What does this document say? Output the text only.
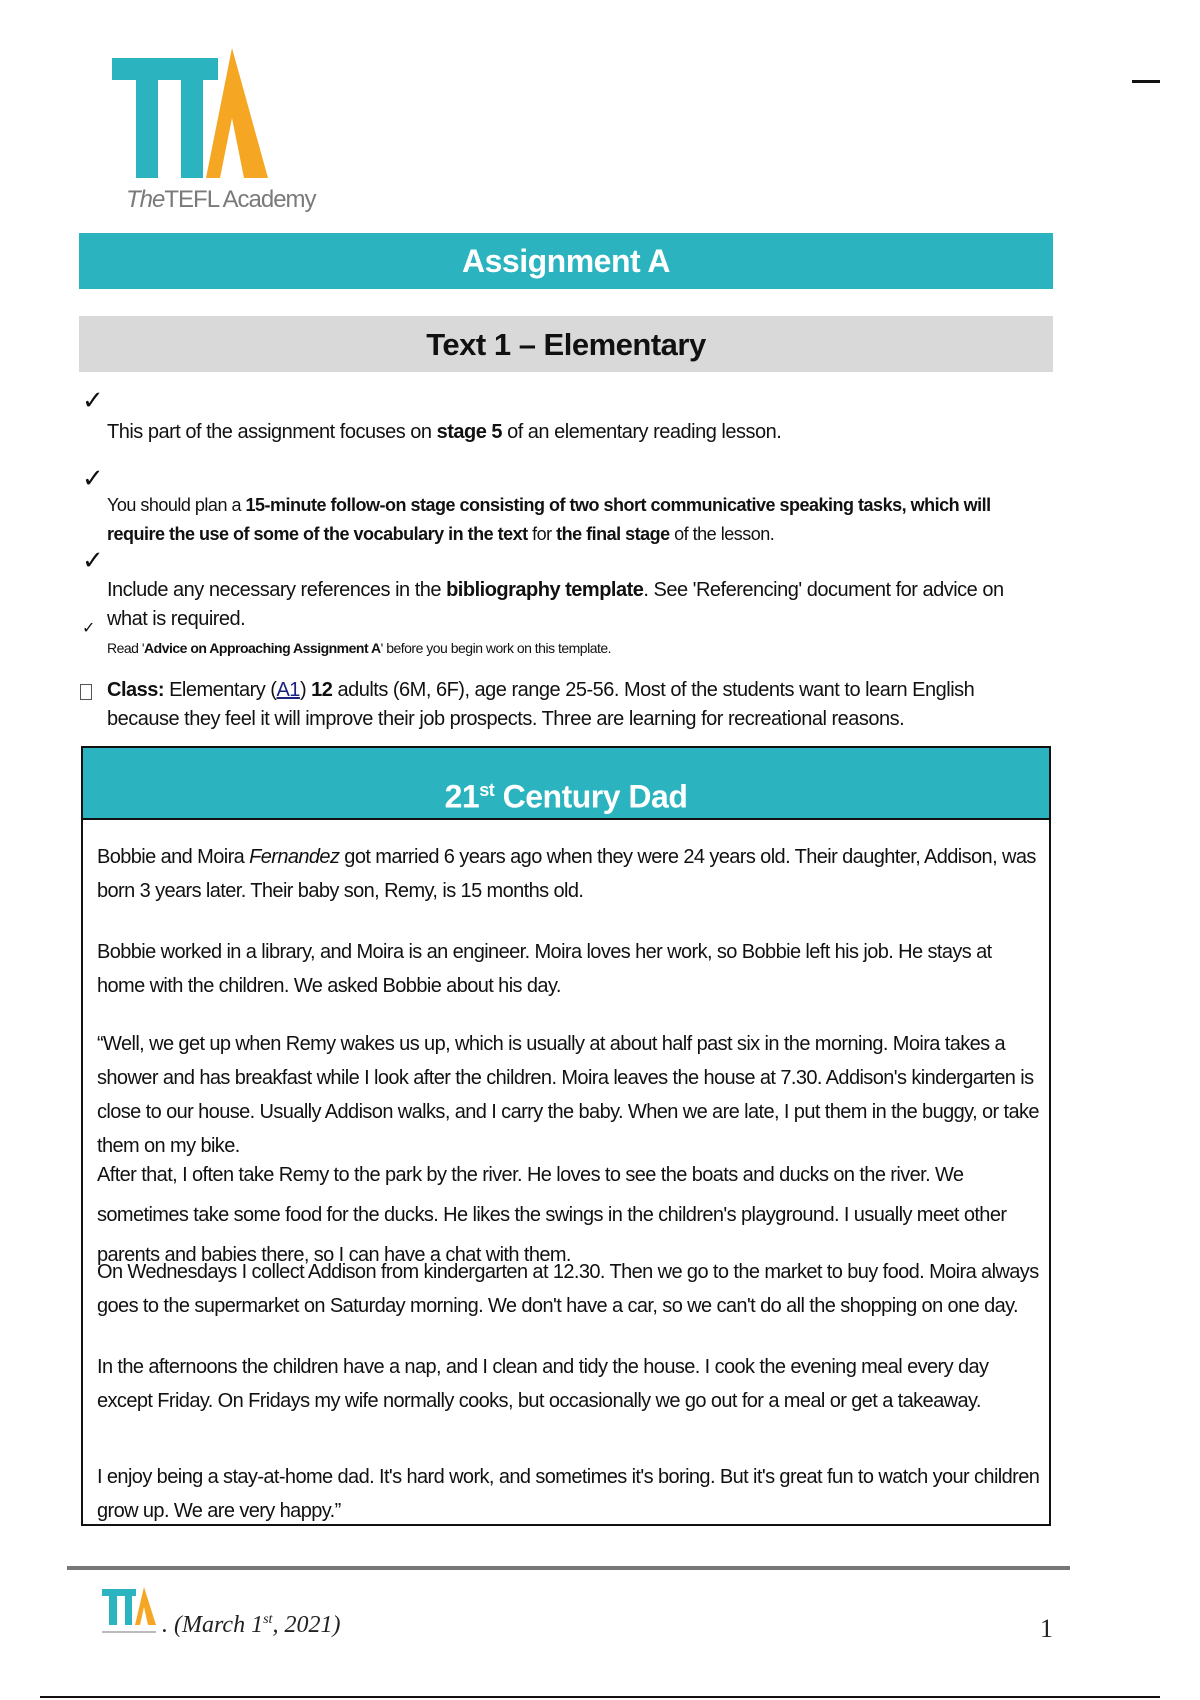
TheTEFL Academy
Assignment A
Text 1 – Elementary
✓
This part of the assignment focuses on stage 5 of an elementary reading lesson.
✓
You should plan a 15-minute follow-on stage consisting of two short communicative speaking tasks, which will require the use of some of the vocabulary in the text for the final stage of the lesson.
✓
Include any necessary references in the bibliography template. See 'Referencing' document for advice on what is required.
✓
Read 'Advice on Approaching Assignment A' before you begin work on this template.
Class: Elementary (A1) 12 adults (6M, 6F), age range 25-56. Most of the students want to learn English because they feel it will improve their job prospects. Three are learning for recreational reasons.
21st Century Dad
Bobbie and Moira Fernandez got married 6 years ago when they were 24 years old. Their daughter, Addison, was born 3 years later. Their baby son, Remy, is 15 months old.
Bobbie worked in a library, and Moira is an engineer. Moira loves her work, so Bobbie left his job. He stays at home with the children. We asked Bobbie about his day.
“Well, we get up when Remy wakes us up, which is usually at about half past six in the morning. Moira takes a shower and has breakfast while I look after the children. Moira leaves the house at 7.30. Addison's kindergarten is close to our house. Usually Addison walks, and I carry the baby. When we are late, I put them in the buggy, or take them on my bike.
After that, I often take Remy to the park by the river. He loves to see the boats and ducks on the river. We sometimes take some food for the ducks. He likes the swings in the children's playground. I usually meet other parents and babies there, so I can have a chat with them.
On Wednesdays I collect Addison from kindergarten at 12.30. Then we go to the market to buy food. Moira always goes to the supermarket on Saturday morning. We don't have a car, so we can't do all the shopping on one day.
In the afternoons the children have a nap, and I clean and tidy the house. I cook the evening meal every day except Friday. On Fridays my wife normally cooks, but occasionally we go out for a meal or get a takeaway.
I enjoy being a stay-at-home dad. It's hard work, and sometimes it's boring. But it's great fun to watch your children grow up. We are very happy.”
. (March 1st, 2021)	1
